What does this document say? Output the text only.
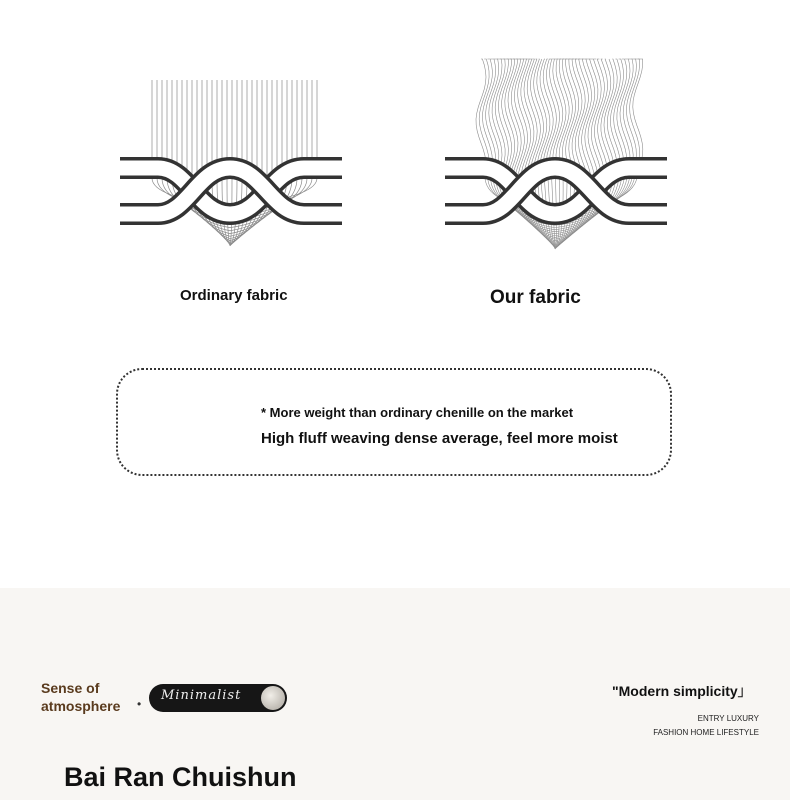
Ordinary fabric	Our fabric
* More weight than ordinary chenille on the market
High fluff weaving dense average, feel more moist
Sense of
atmosphere •
Minimalist	"Modern simplicity」
ENTRY LUXURY
FASHION HOME LIFESTYLE
Bai Ran Chuishun
